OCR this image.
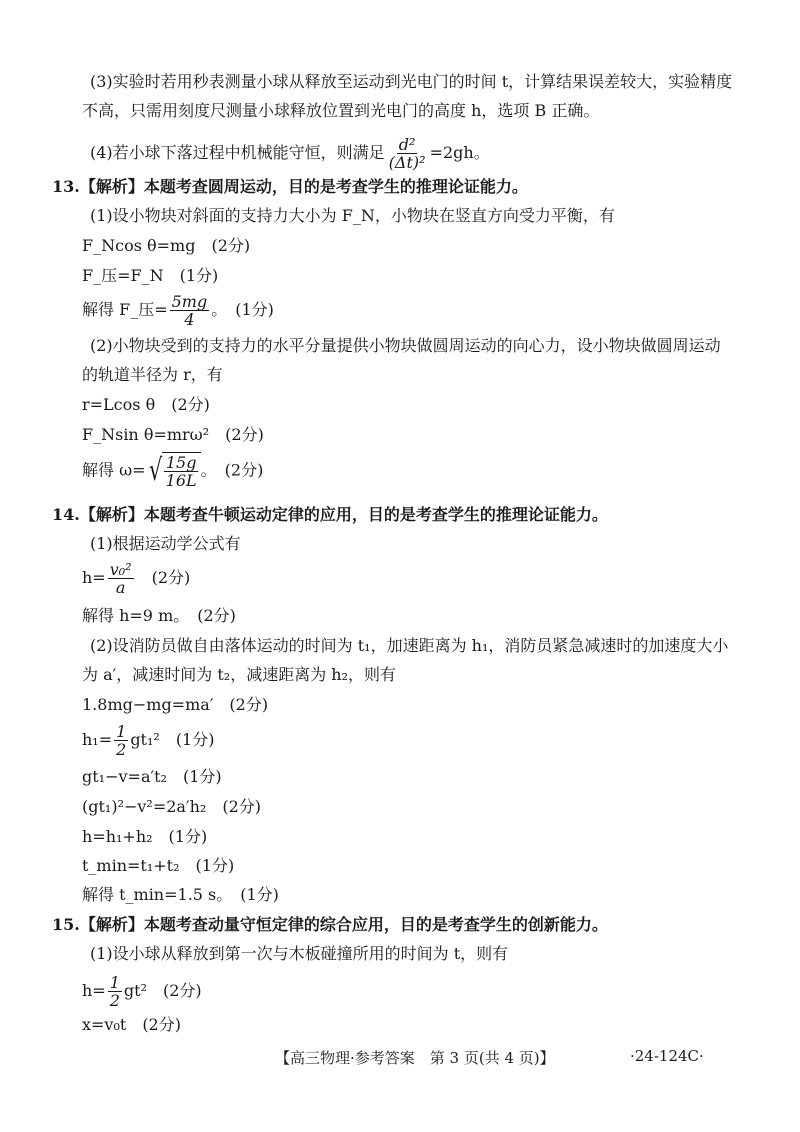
(3)实验时若用秒表测量小球从释放至运动到光电门的时间 t，计算结果误差较大，实验精度
不高，只需用刻度尺测量小球释放位置到光电门的高度 h，选项 B 正确。
(4)若小球下落过程中机械能守恒，则满足 $\frac{\text{d²}}{\text{(Δt)²}} =2gh$。
13.【解析】本题考查圆周运动，目的是考查学生的推理论证能力。
(1)设小物块对斜面的支持力大小为 F_N，小物块在竖直方向受力平衡，有
F_Ncos θ=mg　(2分)
F_压=F_N　(1分)
解得 F_压= $\frac{5mg}{4}$ 。　(1分)
(2)小物块受到的支持力的水平分量提供小物块做圆周运动的向心力，设小物块做圆周运动
的轨道半径为 r，有
r=Lcos θ　(2分)
F_Nsin θ=mrω²　(2分)
解得 ω= √ $\frac{15g}{16L}$ 。　(2分)
14.【解析】本题考查牛顿运动定律的应用，目的是考查学生的推理论证能力。
(1)根据运动学公式有
$h= \frac{\text{v₀²}}{a}$ 　(2分)
解得 h=9 m。　(2分)
(2)设消防员做自由落体运动的时间为 t₁，加速距离为 h₁，消防员紧急减速时的加速度大小
为 a′，减速时间为 t₂，减速距离为 h₂，则有
1.8mg−mg=ma′　(2分)
$h_1= \frac{1}{2} gt_1^2$　(1分)
gt₁−v=a′t₂　(1分)
(gt₁)²−v²=2a′h₂　(2分)
h=h₁+h₂　(1分)
t_min=t₁+t₂　(1分)
解得 t_min=1.5 s。　(1分)
15.【解析】本题考查动量守恒定律的综合应用，目的是考查学生的创新能力。
(1)设小球从释放到第一次与木板碰撞所用的时间为 t，则有
$h= \frac{1}{2} gt^2$　(2分)
x=v₀t　(2分)
【高三物理·参考答案　第 3 页(共 4 页)】	·24-124C·
